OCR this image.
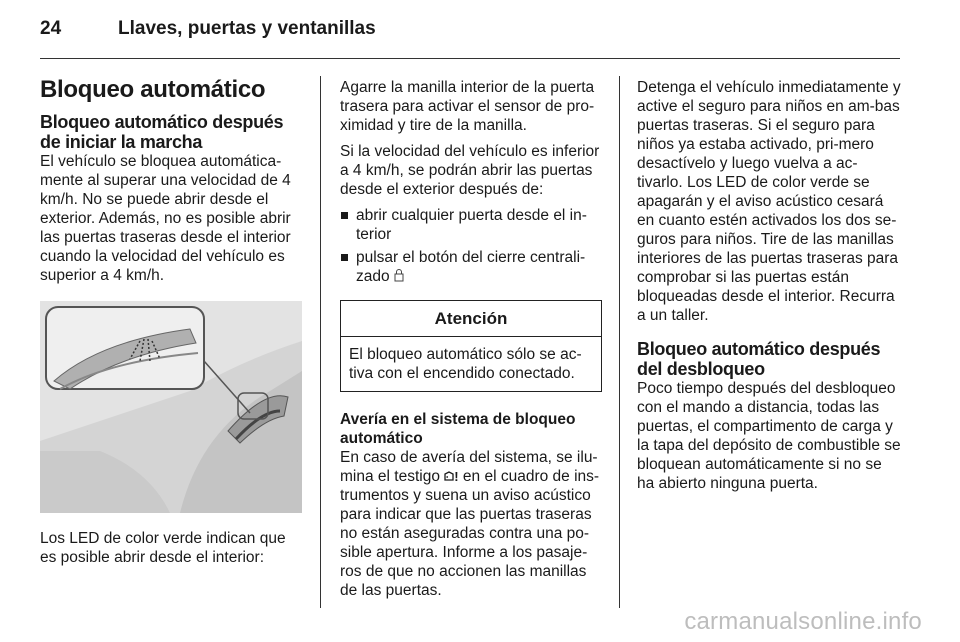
24	Llaves, puertas y ventanillas
Bloqueo automático
Bloqueo automático después de iniciar la marcha

El vehículo se bloquea automática-mente al superar una velocidad de 4 km/h. No se puede abrir desde el exterior. Además, no es posible abrir las puertas traseras desde el interior cuando la velocidad del vehículo es superior a 4 km/h.

Los LED de color verde indican que es posible abrir desde el interior:

Agarre la manilla interior de la puerta trasera para activar el sensor de pro-ximidad y tire de la manilla.

Si la velocidad del vehículo es inferior a 4 km/h, se podrán abrir las puertas desde el exterior después de:

abrir cualquier puerta desde el in-terior
pulsar el botón del cierre centrali-zado
Atención
El bloqueo automático sólo se ac-tiva con el encendido conectado.
Avería en el sistema de bloqueo automático

En caso de avería del sistema, se ilu-mina el testigo ! en el cuadro de ins-trumentos y suena un aviso acústico para indicar que las puertas traseras no están aseguradas contra una po-sible apertura. Informe a los pasaje-ros de que no accionen las manillas de las puertas.

Detenga el vehículo inmediatamente y active el seguro para niños en am-bas puertas traseras. Si el seguro para niños ya estaba activado, pri-mero desactívelo y luego vuelva a ac-tivarlo. Los LED de color verde se apagarán y el aviso acústico cesará en cuanto estén activados los dos se-guros para niños. Tire de las manillas interiores de las puertas traseras para comprobar si las puertas están bloqueadas desde el interior. Recurra a un taller.

Bloqueo automático después del desbloqueo

Poco tiempo después del desbloqueo con el mando a distancia, todas las puertas, el compartimento de carga y la tapa del depósito de combustible se bloquean automáticamente si no se ha abierto ninguna puerta.

carmanualsonline.info
